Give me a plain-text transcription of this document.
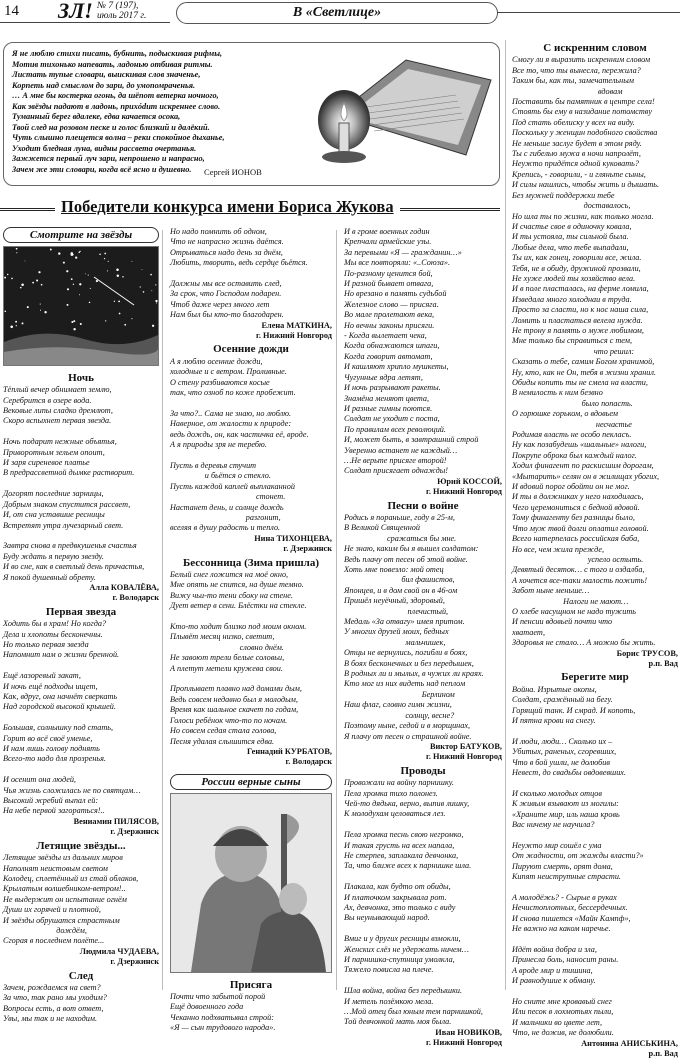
14 ЗЛ! № 7 (197),
июль 2017 г.	В «Светлице»
Я не люблю стихи писать, бубнить, подыскивая рифмы,
Мотив тихонько напевать, ладонью отбивая ритмы.
Листать тупые словари, выискивая слов значенье,
Корпеть над смыслом до зари, до умопомраченья.
… А мне бы костерка огонь, да шёпот ветерка ночного,
Как звёзды падают в ладонь, прихódит искреннее слово.
Туманный берег вдалеке, едва качается осока,
Твой след на розовом песке и голос близкий и далёкий.
Чуть слышно плещется волна – реки спокойное дыханье,
Уходит бледная луна, видны рассвета очертанья.
Зажжется первый луч зари, непрошено и напрасно,
Зачем же эти словари, когда всё ясно и душевно.	Сергей ИОНОВ
Победители конкурса имени Бориса Жукова
Смотрите на звёзды
Ночь

Тёплый вечер обнимает землю,
Серебрится в озере вода.
Вековые липы сладко дремлют,
Скоро вспыхнет первая звезда.

Ночь подарит нежные объятья,
Приворотным зельем опоит,
И заря сиреневое платье
В предрассветной дымке растворит.

Догорят последние зарницы,
Добрым знаком спустится рассвет,
И, от сна уставшие ресницы
Встретят утра лучезарный свет.

Завтра снова в предвкушенья счастья
Буду ждать я первую звезду.
И во сне, как в светлый день причастья,
Я покой душевный обрету.

Алла КОВАЛЁВА,

г. Володарск

Первая звезда

Ходить бы в храм! Но когда?
Дела и хлопоты бесконечны.
Но только первая звезда
Напомнит нам о жизни бренной.

Ещё лазоревый закат,
И ночь ещё подходы ищет,
Как, вдруг, она начнёт сверкать
Над городской высокой крышей.

Большая, солнышку под стать,
Горит во всё своё уменье,
И нам лишь голову поднять
Всего-то надо для прозренья.

И осенит она людей,
Чья жизнь сложилась не по святцам…
Высокий жребий выпал ей:
На небе первой загораться!..

Вениамин ПИЛЯСОВ,

г. Дзержинск

Летящие звёзды...

Летящие звёзды из дальних миров
Наполнят неистовым светом
Колодец, сплетённый из стай облаков,
Крылатым волшебником-ветром!..
Не выдержит он испытание огнём
Души их горячей и плотной,
И звёзды обрушатся страстным
дождём,
Сгорая в последнем полёте...

Людмила ЧУДАЕВА,

г. Дзержинск

След

Зачем, рождаемся на свет?
За что, так рано мы уходим?
Вопросы есть, а вот ответ,
Увы, мы так и не находим.

Но надо помнить об одном,
Что не напрасно жизнь даётся.
Отрываться надо день за днём,
Любить, творить, ведь сердце бьётся.

Должны мы все оставить след,
За срок, что Господом подарен.
Чтоб даже через много лет
Нам был бы кто-то благодарен.

Елена МАТКИНА,

г. Нижний Новгород

Осенние дожди

А я люблю осенние дожди,
холодные и с ветром. Проливные.
О стену разбиваются косые
так, что озноб по коже пробежит.

За что?.. Сама не знаю, но люблю.
Наверное, от жалости к природе:
ведь дождь, он, как частичка её, вроде.
А я природы зря не теребю.

Пусть в деревья стучит
и бьётся о стекло.
Пусть каждой каплей выплаканной
стонет.
Настанет день, и солнце дождь
разгонит,
вселяя в душу радость и тепло.

Нина ТИХОНЦЕВА,

г. Дзержинск

Бессонница (Зима пришла)

Белый снег ложится на моё окно,
Мне опять не спится, на душе темно.
Вижу чьи-то тени сбоку на стене.
Дует ветер в сени. Блёстки на стекле.

Кто-то ходит близко под моим окном.
Плывёт месяц низко, светит,
словно днём.
Не завоют трели белые соловьи,
А плетут метели кружева свои.

Проплывает плавно над домами дым,
Ведь совсем недавно был я молодым,
Время как шальное скачет по годам,
Голоси ребёнок что-то по ночам.
Но совсем седая стала голова,
Песня удалая слышится едва.

Геннадий КУРБАТОВ,

г. Володарск

России верные сыны
Присяга

Почти что забытой порой
Ещё довоенного года
Чеканно подхватывал строй:
«Я — сын трудового народа».

И в громе военных годин
Крепчали армейские узы.
За перевыми «Я — гражданин…»
Мы все повторяли: «..Союза».
По-разному ценится бой,
И разной бывает отвага,
Но врезано в память судьбой
Железное слово — присяга.
Во мале пролетают века,
Но вечны законы присяги.
- Когда вылетает чека,
Когда обнажаются шпаги,
Когда говорит автомат,
И кашляют хрипло мушкеты,
Чугунные ядра летят,
И ночь разрывают ракеты.
Знамёна меняют цвета,
И разные гимны поются.
Солдат не уходит с поста,
По правилам всех революций.
И, может быть, в завтрашний строй
Уверенно встанет не каждый…
…Не верьте присяге второй!
Солдат присягает однажды!

Юрий КОССОЙ,

г. Нижний Новгород

Песни о войне

Родись я пораньше, году в 25-м,
В Великой Священной
сражаться бы мне.
Не знаю, каким бы я вышел солдатом:
Ведь плачу от песен об этой войне.
Хоть мне повезло: мой отец
бил фашистов,
Японцев, и в дом свой он в 46-ом
Пришёл неуёчный, здоровый,
плечистый,
Медаль «За отвагу» имея притом.
У многих друзей моих, бедных
мальчишек,
Отцы не вернулись, погибли в боях,
В боях бесконечных и без передышек,
В родных ли и мылых, в чужих ли краях.
Кто мог из них видеть над пеплом
Берлином
Наш флаг, словно гимн жизни,
солнцу, весне?
Поэтому ныне, седой и в морщинах,
Я плачу от песен о страшной войне.

Виктор БАТУКОВ,

г. Нижний Новгород

Проводы

Провожали на войну парнишку.
Пела хромка тихо полонез.
Чей-то дядька, верно, выпив лишку,
К молодухам целоваться лез.

Пела хромка песнь свою негромко,
И такая грусть на всех напала,
Не стерпев, заплакала девчонка,
Та, что ближе всех к парнишке шла.

Плакала, как будто от обиды,
И платочком закрывала рот.
Ах, девчонка, это только с виду
Вы неунывающий народ.

Вмиг и у других ресницы взмокли,
Женских слёз не удержать ничем…
И парнишка-спутница умолкла,
Тяжело повисла на плече.

Шла война, война без передышки.
И метель позёмкою мела.
…Мой отец был юным тем парнишкой,
Той девчонкой мать моя была.

Иван НОВИКОВ,

г. Нижний Новгород

С искренним словом

Смогу ли я выразить искренним словом
Все то, что ты вынесла, пережила?
Таким бы, как ты, замечательным
вдовам
Поставить бы памятник в центре села!
Стоять бы ему в назидание потомству
Под стать обелиску у всех на виду.
Поскольку у женщин подобного свойства
Не меньше заслуг будет в этом ряду.
Ты с гибелью мужа в ночи напролёт,
Неужто придётся одной куковать?
Крепись, - говорили, - и гляньте сыны,
И силы нашлись, чтобы жить и дышать.
Без мужней поддержки тебе
доставалось,
Но шла ты по жизни, как только могла.
И счастье свое в одиночку ковала,
И ты устояла, ты сильной была.
Любые дела, что тебе выпадали,
Ты их, как гонец, говорили все, жила.
Тебя, не в обиду, дружиной прозвали,
Не хуже людей ты хозяйство вела.
И в поле пласталась, на ферме ломила,
Изведала много холоднаи в труда.
Просто за сласти, но к нос наша сила,
Ломить и пластаться велела нужда.
Не трону я память о муже любимом,
Мне только бы справиться с тем,
что решил:
Сказать о тебе, самим Богом хранимой,
Ну, кто, как не Он, тебя в жизни хранил.
Обиды копить ты не смела на власти,
В немилость к ним безвно
было попасть.
О горюшке горьком, о вдовьем
несчастье
Родимая власть не особо пекласъ.
Ну как позабудешь «шальные» налоги,
Покрупе оброка был каждый налог.
Ходил финагент по раскисшим дорогам,
«Мытарить» селян он в жилищах убогих,
И вдовий порог обойти он не мог.
И ты в должниках у него находилась,
Чего церемониться с бедной вдовой.
Тому финагенту без разницы было,
Что муж твой долги оплатил головой.
Всего натерпелась российская баба,
Но все, чем жила прежде,
успело остыть.
Девятый десяток… с того и оздалба,
А хочется все-таки малость пожить!
Забот ныне меньше…
Налоги не мают…
О хлебе насущном не надо тужить
И пенсии вдовьей почти что
хватает,
Здоровья не стало… А можно бы жить.

Борис ТРУСОВ,

р.п. Вад

Берегите мир

Война. Изрытые окопы,
Солдат, сражённый на бегу.
Горящий танк. И смрад. И копоть,
И пятна крови на снегу.

И люди, люди… Сколько их –
Убитых, раненых, сгоревших,
Что в бой ушли, не долюбив
Невест, до свадьбы овдовевших.

И сколько молодых отцов
К живым взывают из могилы:
«Храните мир, иль наша кровь
Вас ничему не научила?

Неужто мир сошёл с ума
От жадности, от жажды власти?»
Пируют смерть, орят дома,
Кипят неиструтные страсти.

А молодёжь? - Сырые в руках
Нечистоплотных, бессердечных.
И снова пишется «Майн Кампф»,
Не важно на каком наречье.

Идёт война добра и зла,
Принесла боль, наносит раны.
А вроде мир и тишина,
И равнодушие к обману.

Но сните мне кровавый снег
Или песок в лохмотьях пыли,
И мальчики во цвете лет,
Что, не дожив, не долюбили.

Антонина АНИСЬКИНА,

р.п. Вад
